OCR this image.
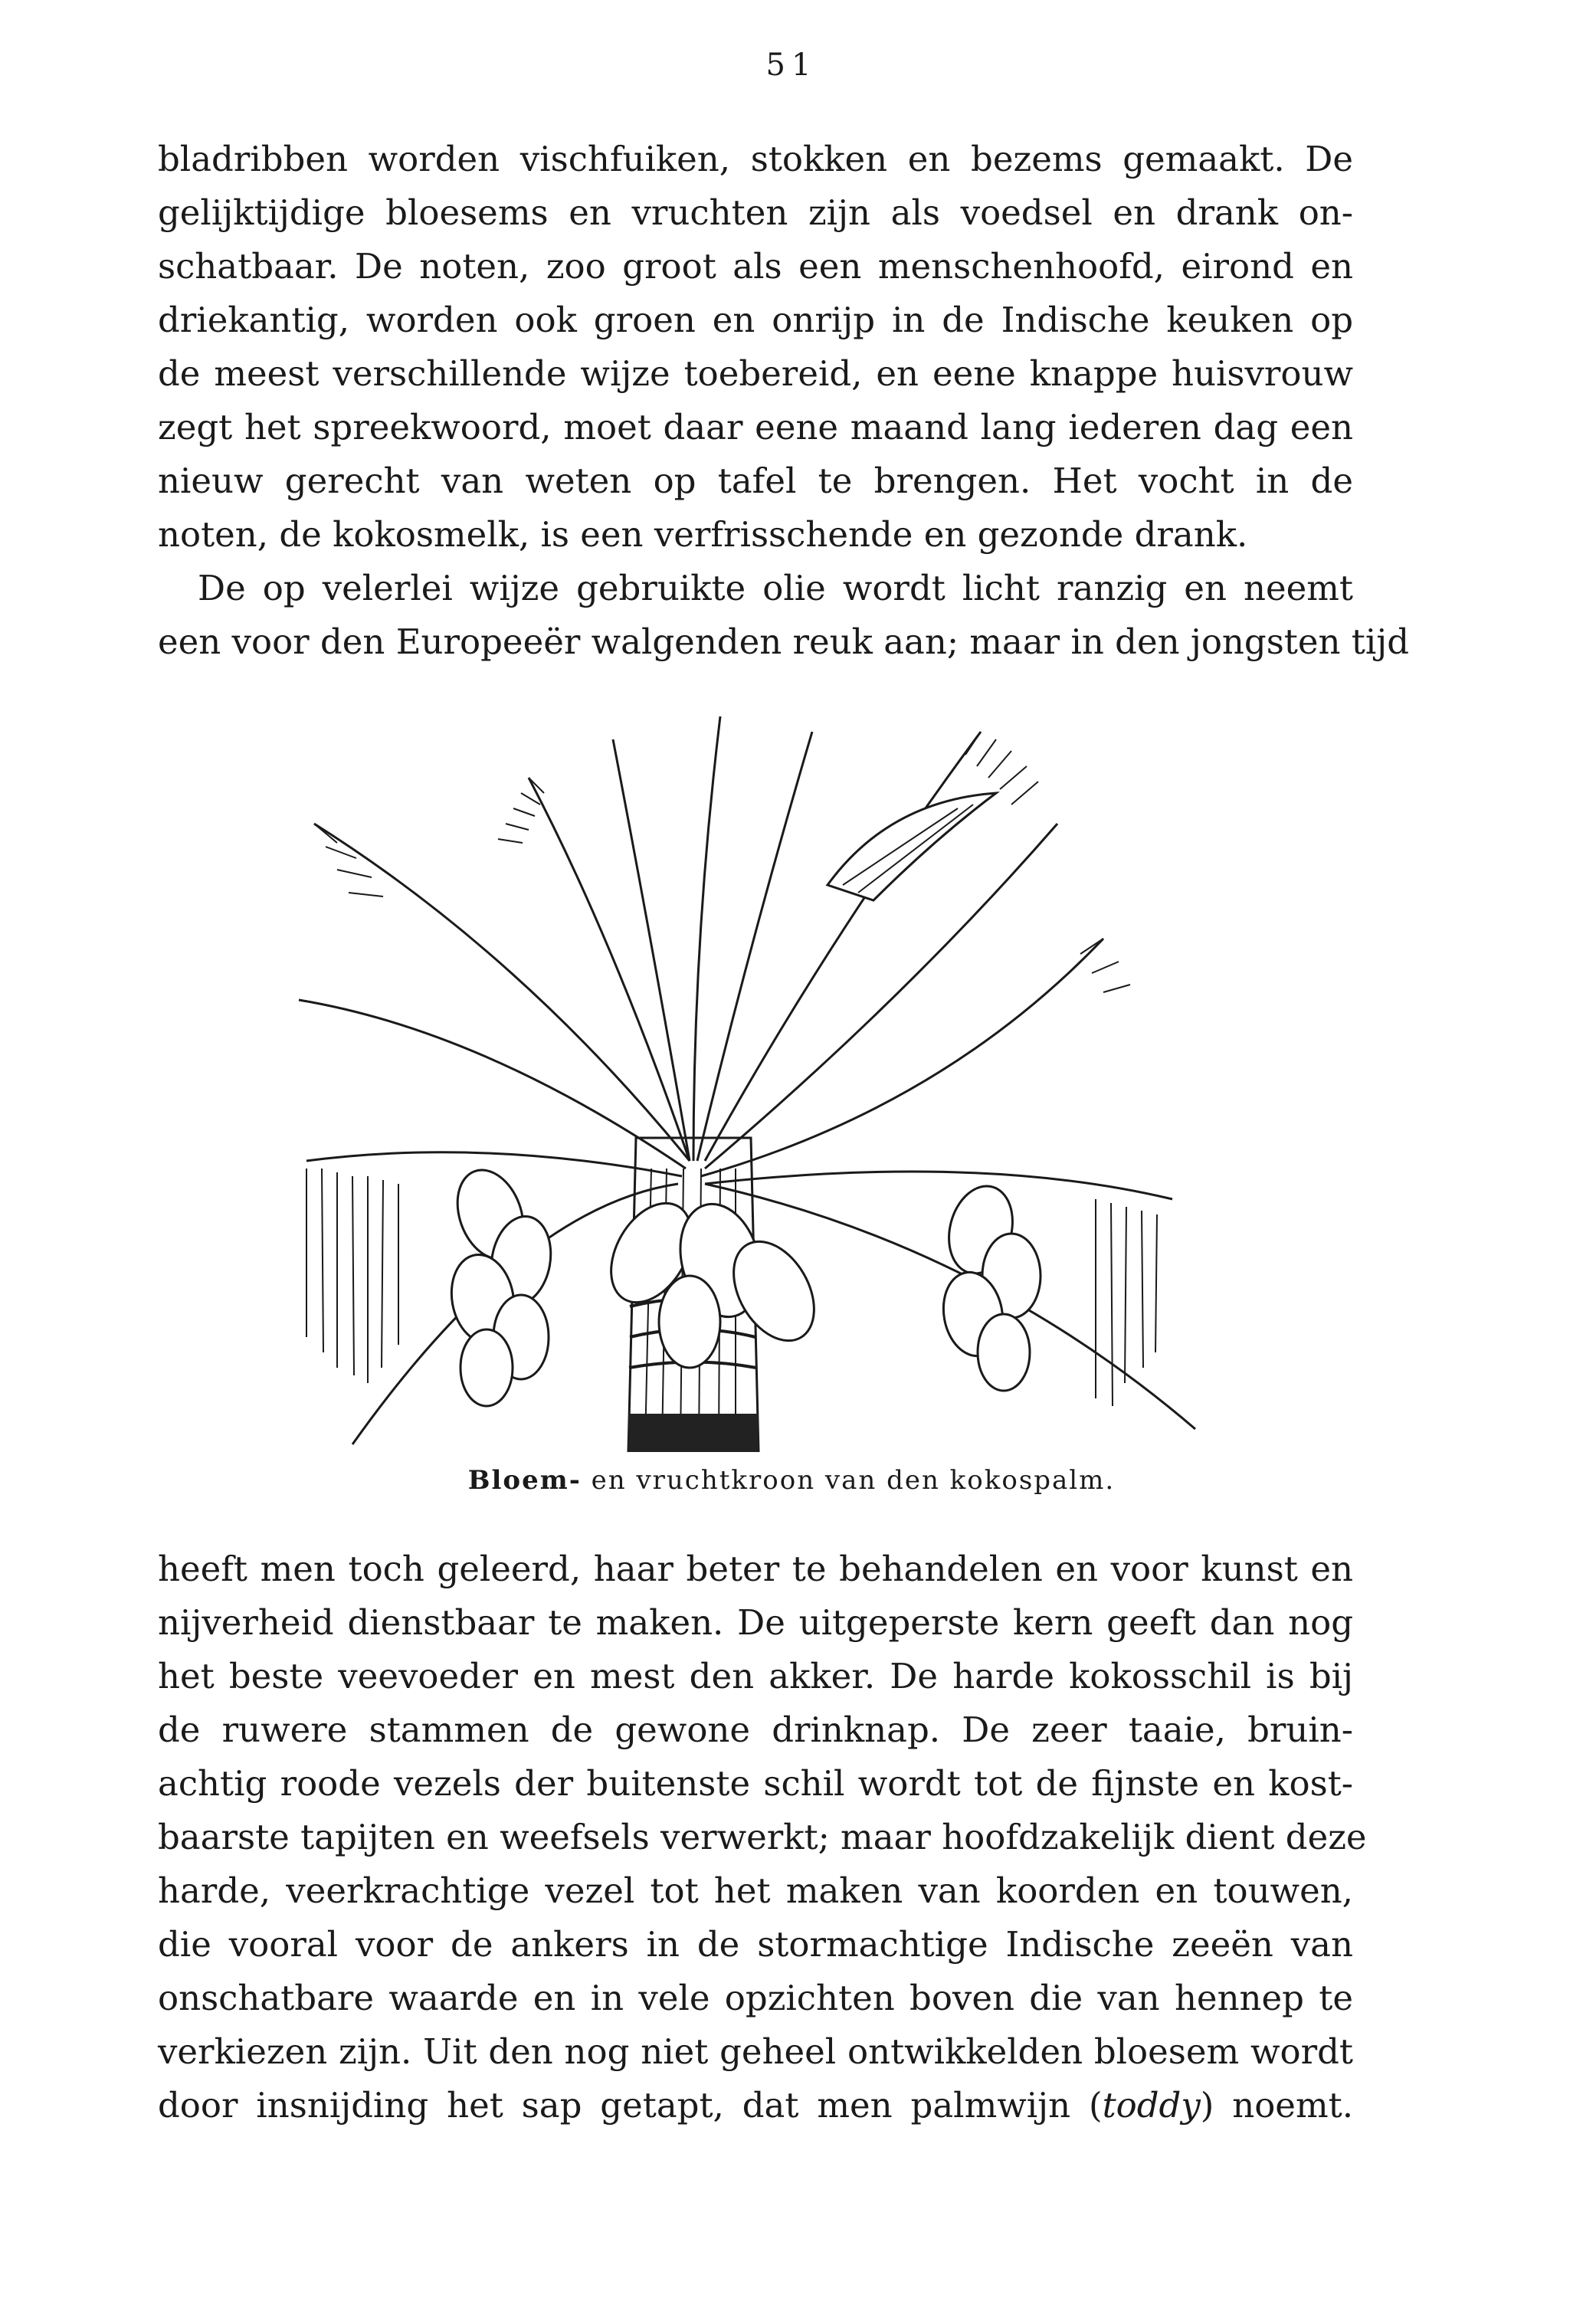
51

bladribben worden vischfuiken, stokken en bezems gemaakt. De
gelijktijdige bloesems en vruchten zijn als voedsel en drank on-
schatbaar. De noten, zoo groot als een menschenhoofd, eirond en
driekantig, worden ook groen en onrijp in de Indische keuken op
de meest verschillende wijze toebereid, en eene knappe huisvrouw
zegt het spreekwoord, moet daar eene maand lang iederen dag een
nieuw gerecht van weten op tafel te brengen. Het vocht in de
noten, de kokosmelk, is een verfrisschende en gezonde drank.

De op velerlei wijze gebruikte olie wordt licht ranzig en neemt
een voor den Europeeër walgenden reuk aan; maar in den jongsten tijd

Bloem- en vruchtkroon van den kokospalm.

heeft men toch geleerd, haar beter te behandelen en voor kunst en
nijverheid dienstbaar te maken. De uitgeperste kern geeft dan nog
het beste veevoeder en mest den akker. De harde kokosschil is bij
de ruwere stammen de gewone drinknap. De zeer taaie, bruin-
achtig roode vezels der buitenste schil wordt tot de fijnste en kost-
baarste tapijten en weefsels verwerkt; maar hoofdzakelijk dient deze
harde, veerkrachtige vezel tot het maken van koorden en touwen,
die vooral voor de ankers in de stormachtige Indische zeeën van
onschatbare waarde en in vele opzichten boven die van hennep te
verkiezen zijn. Uit den nog niet geheel ontwikkelden bloesem wordt
door insnijding het sap getapt, dat men palmwijn (toddy) noemt.
